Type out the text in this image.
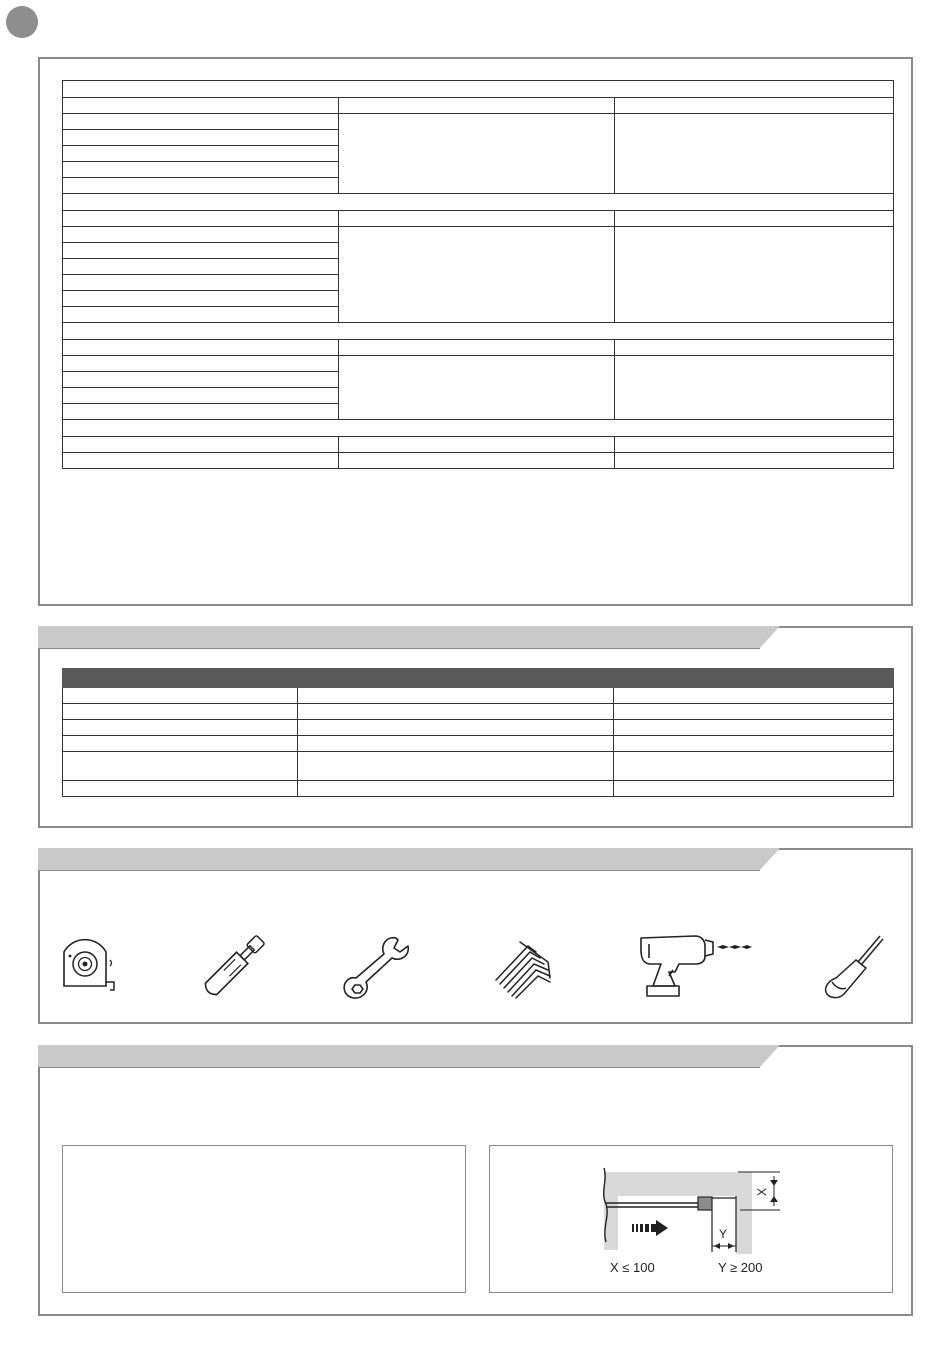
X
Y
X ≤ 100	Y ≥ 200
